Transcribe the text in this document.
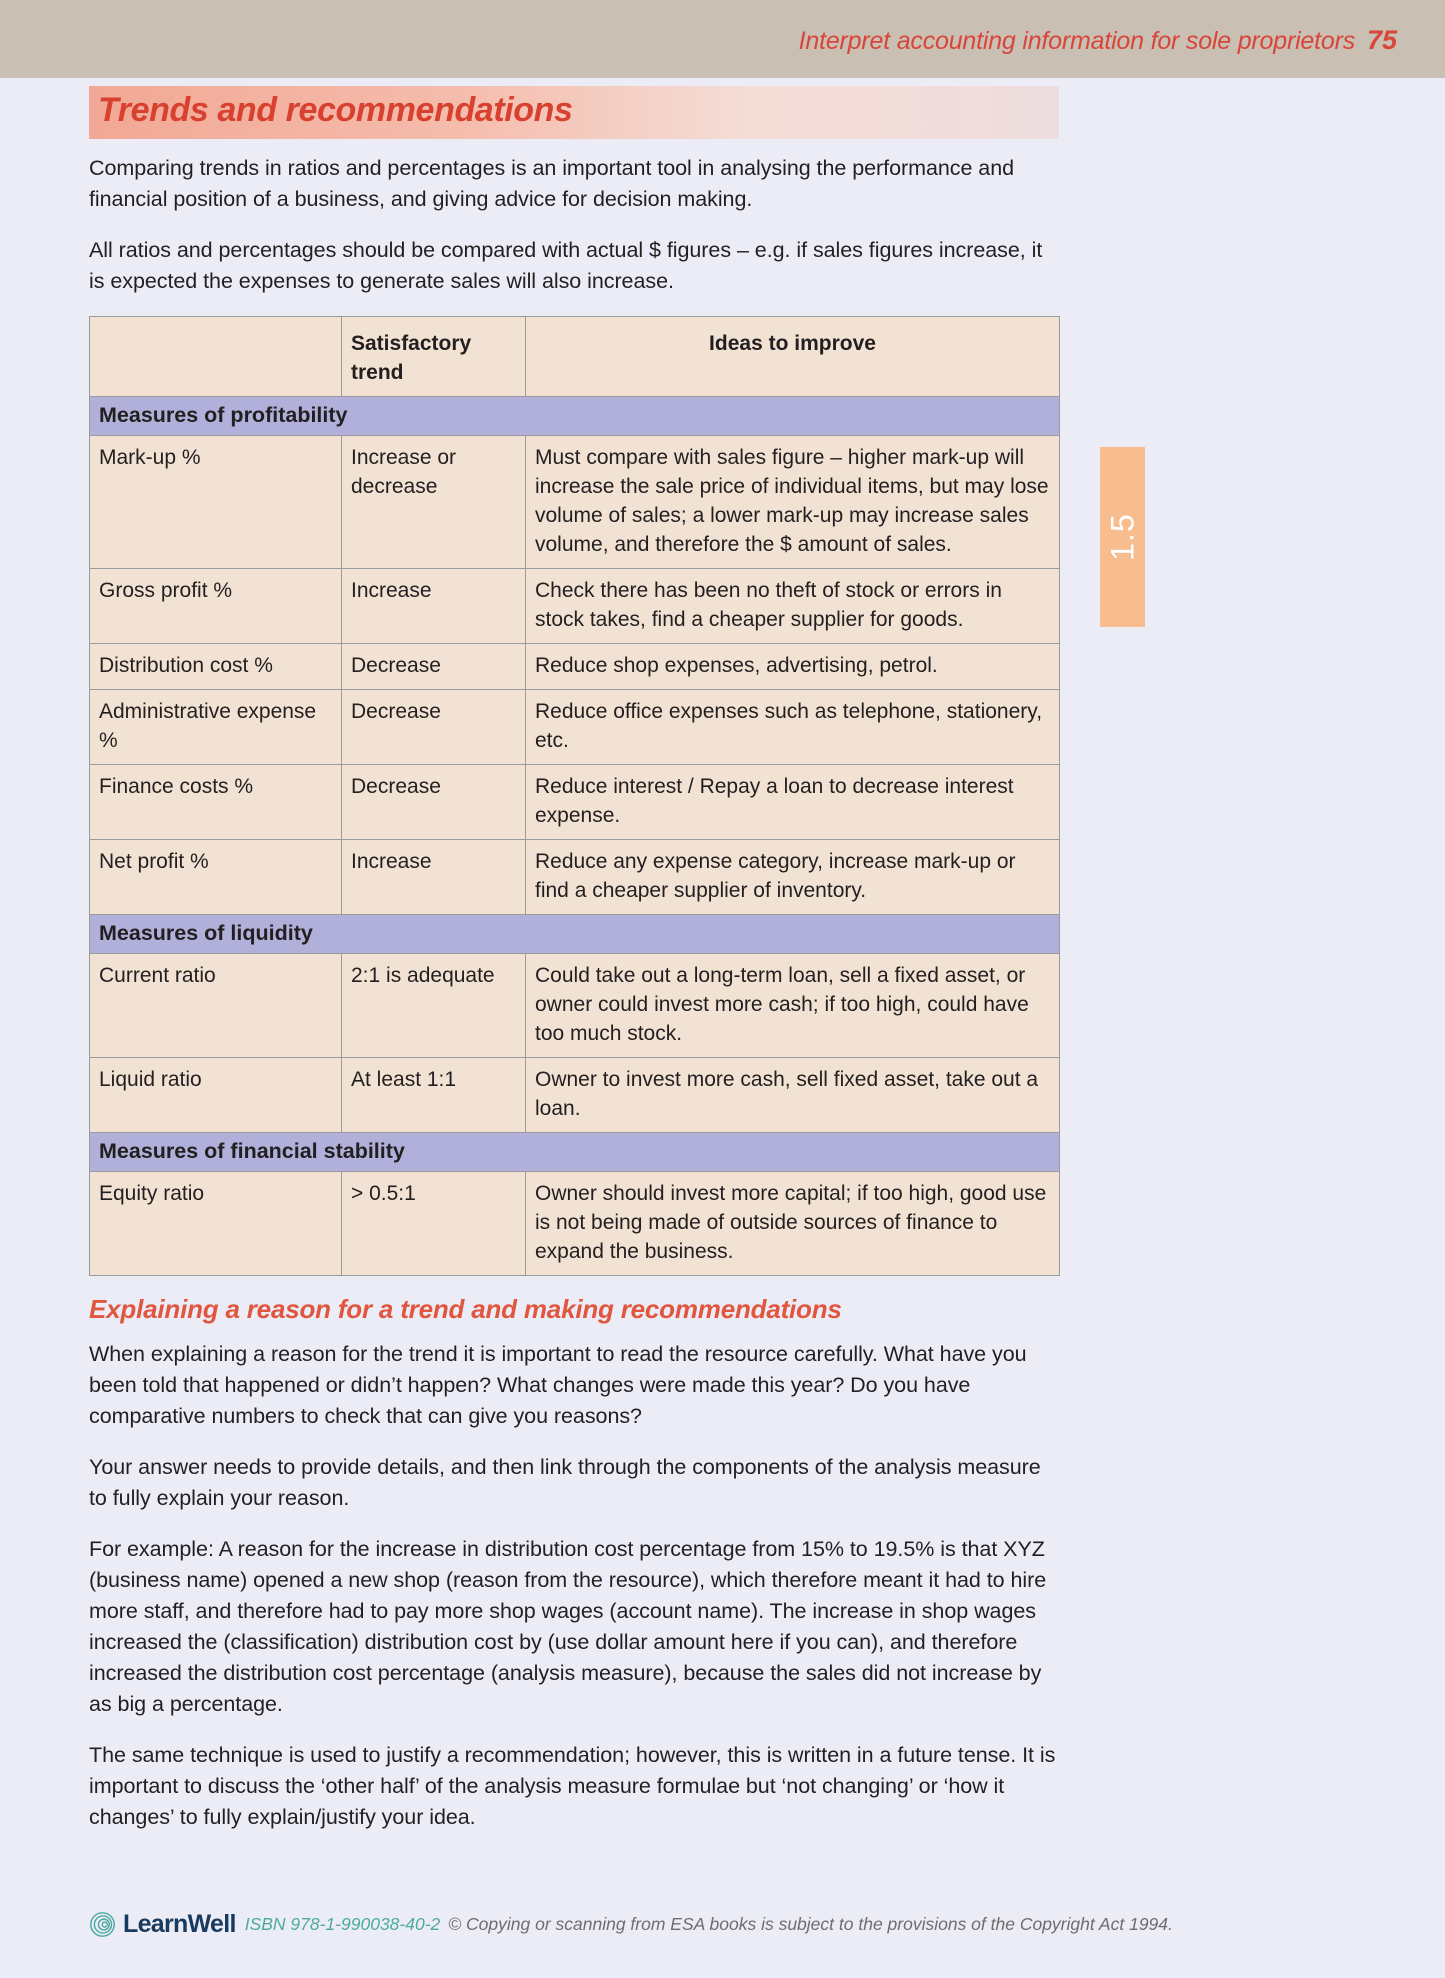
Interpret accounting information for sole proprietors 75
1.5
Trends and recommendations

Comparing trends in ratios and percentages is an important tool in analysing the performance and financial position of a business, and giving advice for decision making.

All ratios and percentages should be compared with actual $ figures – e.g. if sales figures increase, it is expected the expenses to generate sales will also increase.

	Satisfactory trend	Ideas to improve
Measures of profitability		
Mark-up %	Increase or decrease	Must compare with sales figure – higher mark-up will increase the sale price of individual items, but may lose volume of sales; a lower mark-up may increase sales volume, and therefore the $ amount of sales.
Gross profit %	Increase	Check there has been no theft of stock or errors in stock takes, find a cheaper supplier for goods.
Distribution cost %	Decrease	Reduce shop expenses, advertising, petrol.
Administrative expense %	Decrease	Reduce office expenses such as telephone, stationery, etc.
Finance costs %	Decrease	Reduce interest / Repay a loan to decrease interest expense.
Net profit %	Increase	Reduce any expense category, increase mark-up or find a cheaper supplier of inventory.
Measures of liquidity		
Current ratio	2:1 is adequate	Could take out a long-term loan, sell a fixed asset, or owner could invest more cash; if too high, could have too much stock.
Liquid ratio	At least 1:1	Owner to invest more cash, sell fixed asset, take out a loan.
Measures of financial stability		
Equity ratio	> 0.5:1	Owner should invest more capital; if too high, good use is not being made of outside sources of finance to expand the business.
Explaining a reason for a trend and making recommendations

When explaining a reason for the trend it is important to read the resource carefully. What have you been told that happened or didn’t happen? What changes were made this year? Do you have comparative numbers to check that can give you reasons?

Your answer needs to provide details, and then link through the components of the analysis measure to fully explain your reason.

For example: A reason for the increase in distribution cost percentage from 15% to 19.5% is that XYZ (business name) opened a new shop (reason from the resource), which therefore meant it had to hire more staff, and therefore had to pay more shop wages (account name). The increase in shop wages increased the (classification) distribution cost by (use dollar amount here if you can), and therefore increased the distribution cost percentage (analysis measure), because the sales did not increase by as big a percentage.

The same technique is used to justify a recommendation; however, this is written in a future tense. It is important to discuss the ‘other half’ of the analysis measure formulae but ‘not changing’ or ‘how it changes’ to fully explain/justify your idea.

LearnWell ISBN 978-1-990038-40-2 © Copying or scanning from ESA books is subject to the provisions of the Copyright Act 1994.
